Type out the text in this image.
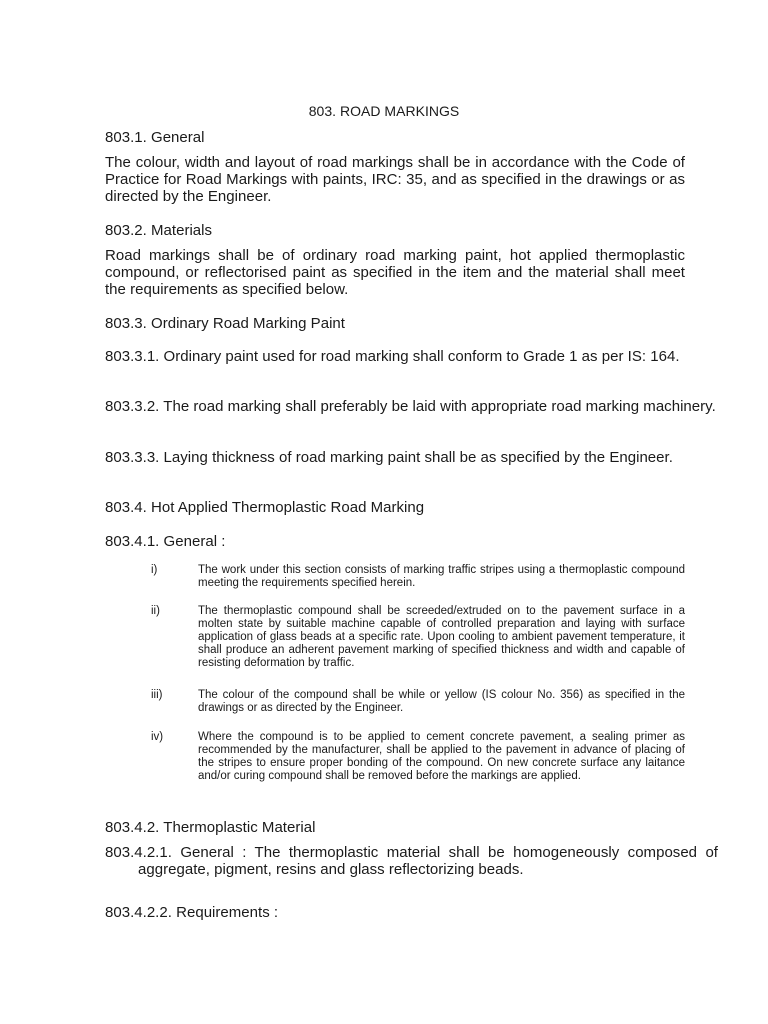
803. ROAD MARKINGS

803.1. General

The colour, width and layout of road markings shall be in accordance with the Code of Practice for Road Markings with paints, IRC: 35, and as specified in the drawings or as directed by the Engineer.

803.2. Materials

Road markings shall be of ordinary road marking paint, hot applied thermoplastic compound, or reflectorised paint as specified in the item and the material shall meet the requirements as specified below.

803.3. Ordinary Road Marking Paint

803.3.1. Ordinary paint used for road marking shall conform to Grade 1 as per IS: 164.

803.3.2. The road marking shall preferably be laid with appropriate road marking machinery.

803.3.3. Laying thickness of road marking paint shall be as specified by the Engineer.

803.4. Hot Applied Thermoplastic Road Marking

803.4.1. General :

i)	The work under this section consists of marking traffic stripes using a thermoplastic compound meeting the requirements specified herein.

ii)	The thermoplastic compound shall be screeded/extruded on to the pavement surface in a molten state by suitable machine capable of controlled preparation and laying with surface application of glass beads at a specific rate. Upon cooling to ambient pavement temperature, it shall produce an adherent pavement marking of specified thickness and width and capable of resisting deformation by traffic.

iii)	The colour of the compound shall be while or yellow (IS colour No. 356) as specified in the drawings or as directed by the Engineer.

iv)	Where the compound is to be applied to cement concrete pavement, a sealing primer as recommended by the manufacturer, shall be applied to the pavement in advance of placing of the stripes to ensure proper bonding of the compound. On new concrete surface any laitance and/or curing compound shall be removed before the markings are applied.

803.4.2. Thermoplastic Material

803.4.2.1. General : The thermoplastic material shall be homogeneously composed of aggregate, pigment, resins and glass reflectorizing beads.

803.4.2.2. Requirements :
